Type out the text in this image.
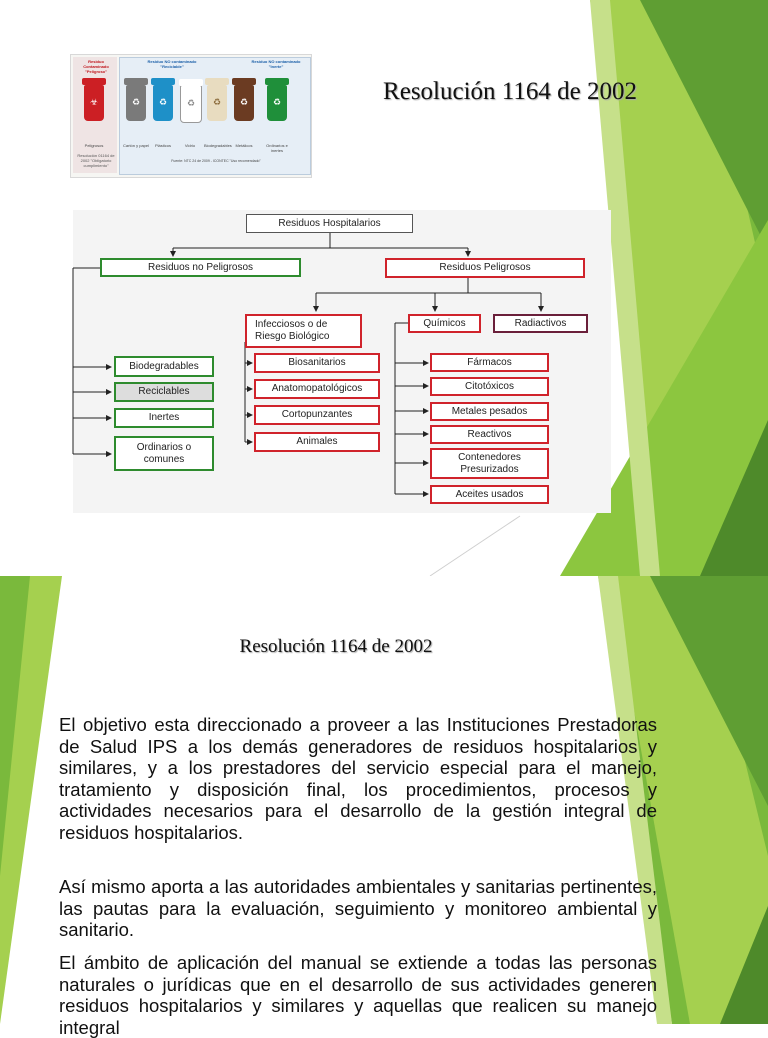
Resolución 1164 de 2002
Residuo Contaminado "Peligroso"
Residuo NO contaminado "Reciclable"
Residuo NO contaminado "Inerte"
☣	♻	♻	♻	♻	♻	♻
Peligrosos	Cartón y papel	Plásticos	Vidrio	Biodegradables Metálicos	Ordinarios e inertes
Resolución 01164 de 2002 "Obligatorio cumplimiento"
Fuente: NTC 24 de 2009 - ICONTEC "Uso recomendado"
Residuos Hospitalarios
Residuos no Peligrosos	Residuos Peligrosos
Biodegradables
Reciclables
Inertes
Ordinarios o comunes
Infecciosos o de Riesgo Biológico
Químicos	Radiactivos
Biosanitarios
Anatomopatológicos
Cortopunzantes
Animales
Fármacos
Citotóxicos
Metales pesados
Reactivos
Contenedores Presurizados
Aceites usados
Resolución 1164 de 2002
El objetivo esta direccionado a proveer a las Instituciones Prestadoras de Salud IPS a los demás generadores de residuos hospitalarios y similares, y a los prestadores del servicio especial para el manejo, tratamiento y disposición final, los procedimientos, procesos y actividades necesarios para el desarrollo de la gestión integral de residuos hospitalarios.
Así mismo aporta a las autoridades ambientales y sanitarias pertinentes, las pautas para la evaluación, seguimiento y monitoreo ambiental y sanitario.
El ámbito de aplicación del manual se extiende a todas las personas naturales o jurídicas que en el desarrollo de sus actividades generen residuos hospitalarios y similares y aquellas que realicen su manejo integral
